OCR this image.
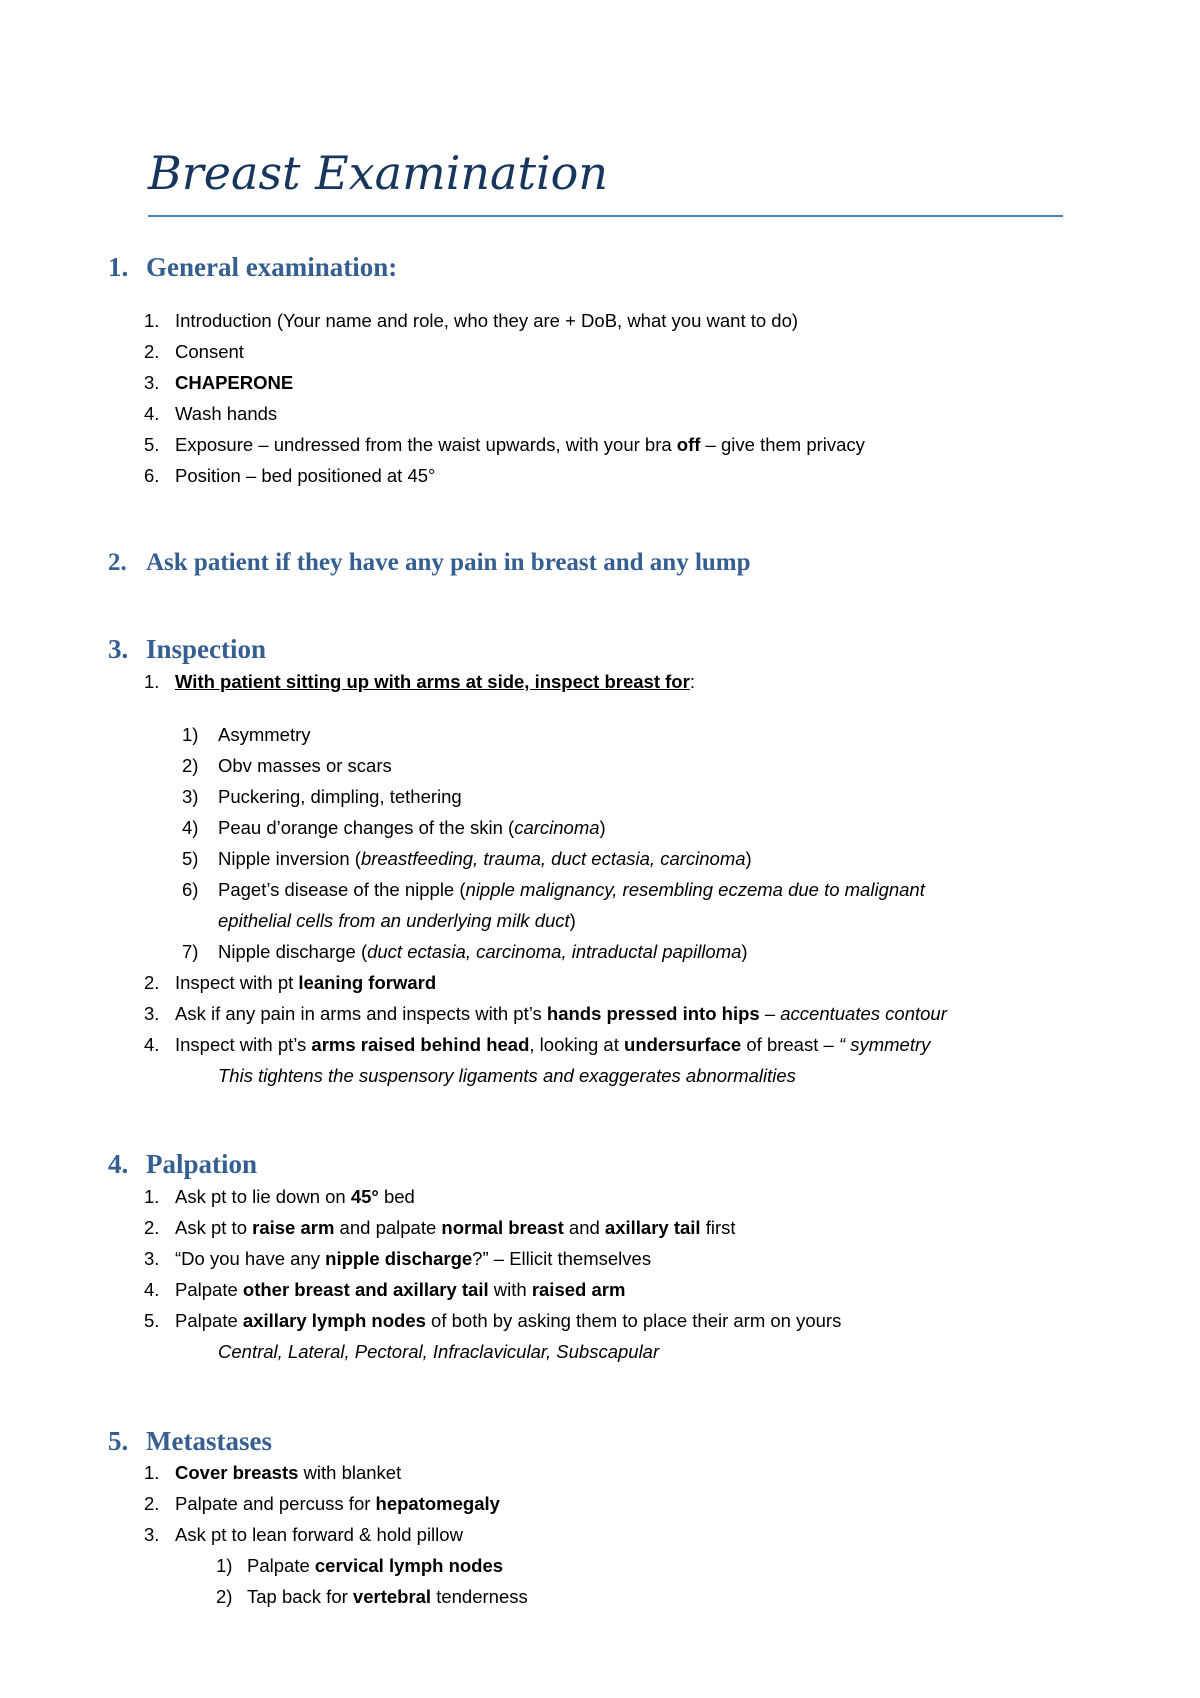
Breast Examination
1. General examination:
1. Introduction (Your name and role, who they are + DoB, what you want to do)
2. Consent
3. CHAPERONE
4. Wash hands
5. Exposure – undressed from the waist upwards, with your bra off – give them privacy
6. Position – bed positioned at 45°
2. Ask patient if they have any pain in breast and any lump
3. Inspection
1. With patient sitting up with arms at side, inspect breast for:
1) Asymmetry
2) Obv masses or scars
3) Puckering, dimpling, tethering
4) Peau d’orange changes of the skin (carcinoma)
5) Nipple inversion (breastfeeding, trauma, duct ectasia, carcinoma)
6) Paget’s disease of the nipple (nipple malignancy, resembling eczema due to malignant
epithelial cells from an underlying milk duct)
7) Nipple discharge (duct ectasia, carcinoma, intraductal papilloma)
2. Inspect with pt leaning forward
3. Ask if any pain in arms and inspects with pt’s hands pressed into hips – accentuates contour
4. Inspect with pt’s arms raised behind head, looking at undersurface of breast – “ symmetry
This tightens the suspensory ligaments and exaggerates abnormalities
4. Palpation
1. Ask pt to lie down on 45° bed
2. Ask pt to raise arm and palpate normal breast and axillary tail first
3. “Do you have any nipple discharge?” – Ellicit themselves
4. Palpate other breast and axillary tail with raised arm
5. Palpate axillary lymph nodes of both by asking them to place their arm on yours
Central, Lateral, Pectoral, Infraclavicular, Subscapular
5. Metastases
1. Cover breasts with blanket
2. Palpate and percuss for hepatomegaly
3. Ask pt to lean forward & hold pillow
1) Palpate cervical lymph nodes
2) Tap back for vertebral tenderness
